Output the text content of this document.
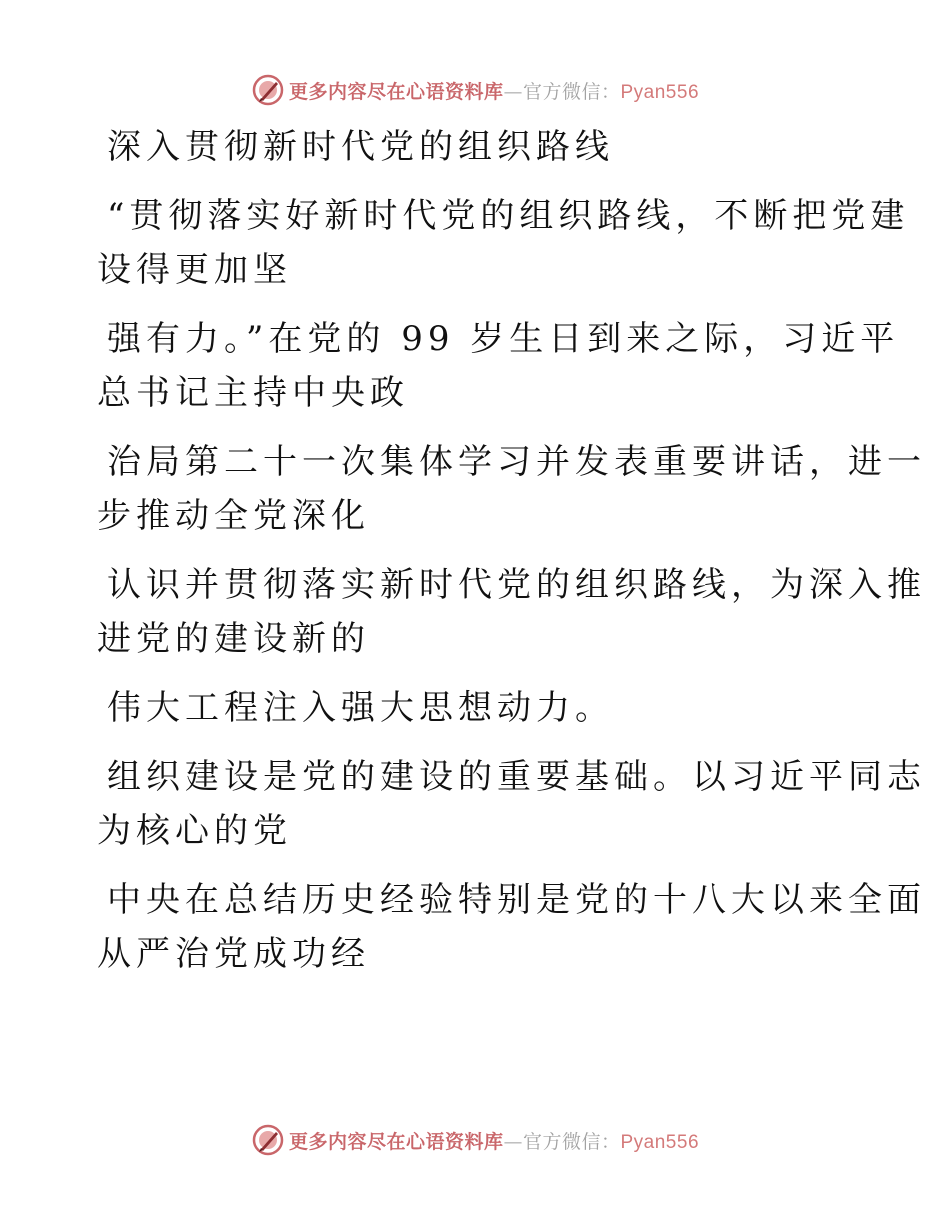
更多内容尽在心语资料库—官方微信：Pyan556

深入贯彻新时代党的组织路线

“贯彻落实好新时代党的组织路线，不断把党建

设得更加坚

强有力。”在党的 99 岁生日到来之际，习近平

总书记主持中央政

治局第二十一次集体学习并发表重要讲话，进一

步推动全党深化

认识并贯彻落实新时代党的组织路线，为深入推

进党的建设新的

伟大工程注入强大思想动力。

组织建设是党的建设的重要基础。以习近平同志

为核心的党

中央在总结历史经验特别是党的十八大以来全面

从严治党成功经

更多内容尽在心语资料库—官方微信：Pyan556
